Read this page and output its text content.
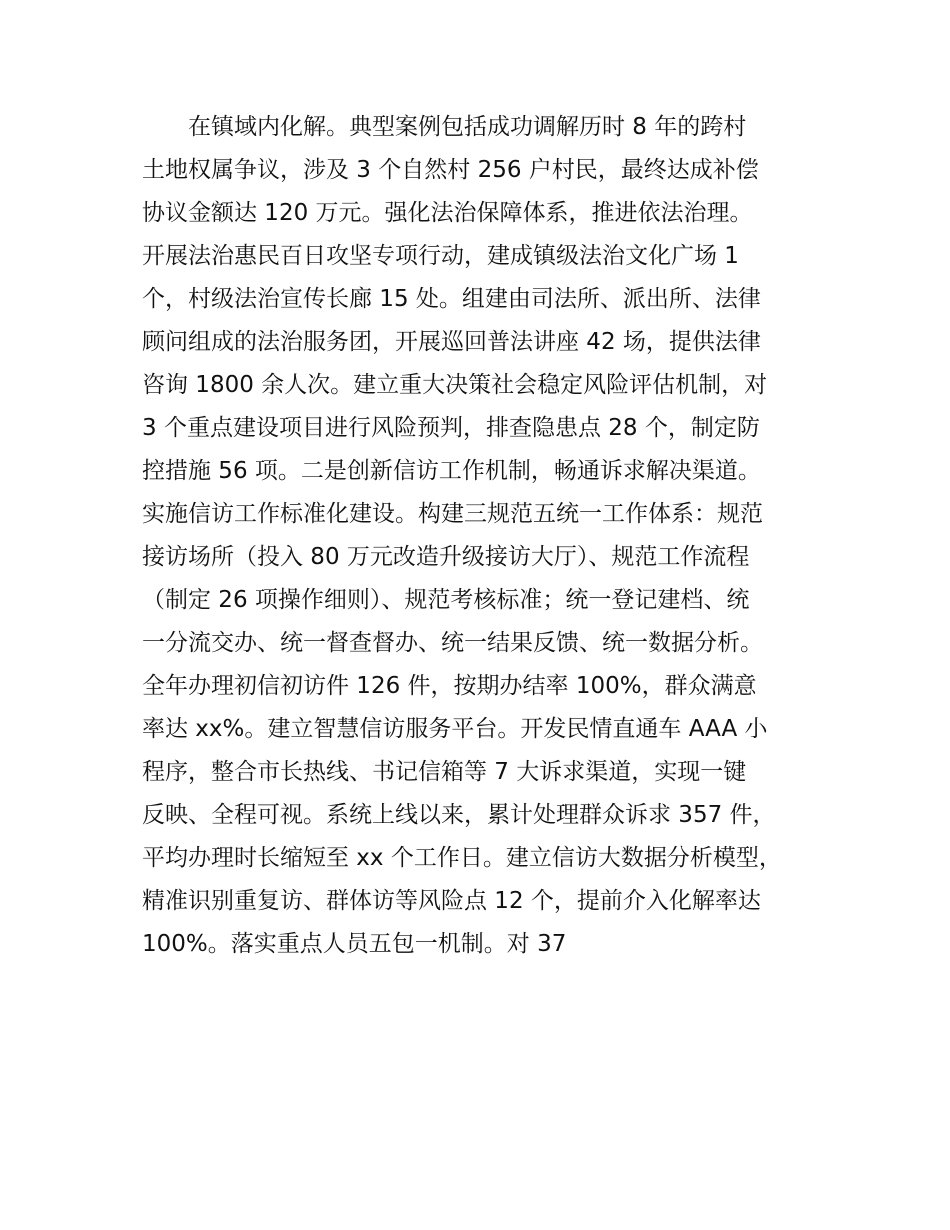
在镇域内化解。典型案例包括成功调解历时 8 年的跨村

土地权属争议，涉及 3 个自然村 256 户村民，最终达成补偿

协议金额达 120 万元。强化法治保障体系，推进依法治理。

开展法治惠民百日攻坚专项行动，建成镇级法治文化广场 1

个，村级法治宣传长廊 15 处。组建由司法所、派出所、法律

顾问组成的法治服务团，开展巡回普法讲座 42 场，提供法律

咨询 1800 余人次。建立重大决策社会稳定风险评估机制，对

3 个重点建设项目进行风险预判，排查隐患点 28 个，制定防

控措施 56 项。二是创新信访工作机制，畅通诉求解决渠道。

实施信访工作标准化建设。构建三规范五统一工作体系：规范

接访场所（投入 80 万元改造升级接访大厅）、规范工作流程

（制定 26 项操作细则）、规范考核标准；统一登记建档、统

一分流交办、统一督查督办、统一结果反馈、统一数据分析。

全年办理初信初访件 126 件，按期办结率 100%，群众满意

率达 xx%。建立智慧信访服务平台。开发民情直通车 AAA 小

程序，整合市长热线、书记信箱等 7 大诉求渠道，实现一键

反映、全程可视。系统上线以来，累计处理群众诉求 357 件，

平均办理时长缩短至 xx 个工作日。建立信访大数据分析模型，

精准识别重复访、群体访等风险点 12 个，提前介入化解率达

100%。落实重点人员五包一机制。对 37
